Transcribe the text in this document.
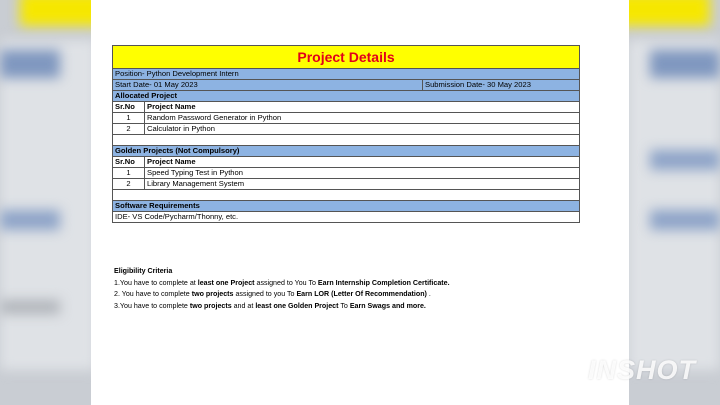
Project Details		
Position- Python Development Intern		
Start Date- 01 May 2023		Submission Date- 30 May 2023
Allocated Project		
Sr.No	Project Name	
1	Random Password Generator in Python	
2	Calculator in Python	

Golden Projects (Not Compulsory)		
Sr.No	Project Name	
1	Speed Typing Test in Python	
2	Library Management System	

Software Requirements		
IDE- VS Code/Pycharm/Thonny, etc.		
Eligibility Criteria
1.You have to complete at least one Project assigned to You To Earn Internship Completion Certificate.
2. You have to complete two projects assigned to you To Earn LOR (Letter Of Recommendation) .
3.You have to complete two projects and at least one Golden Project To Earn Swags and more.
INSHOT
